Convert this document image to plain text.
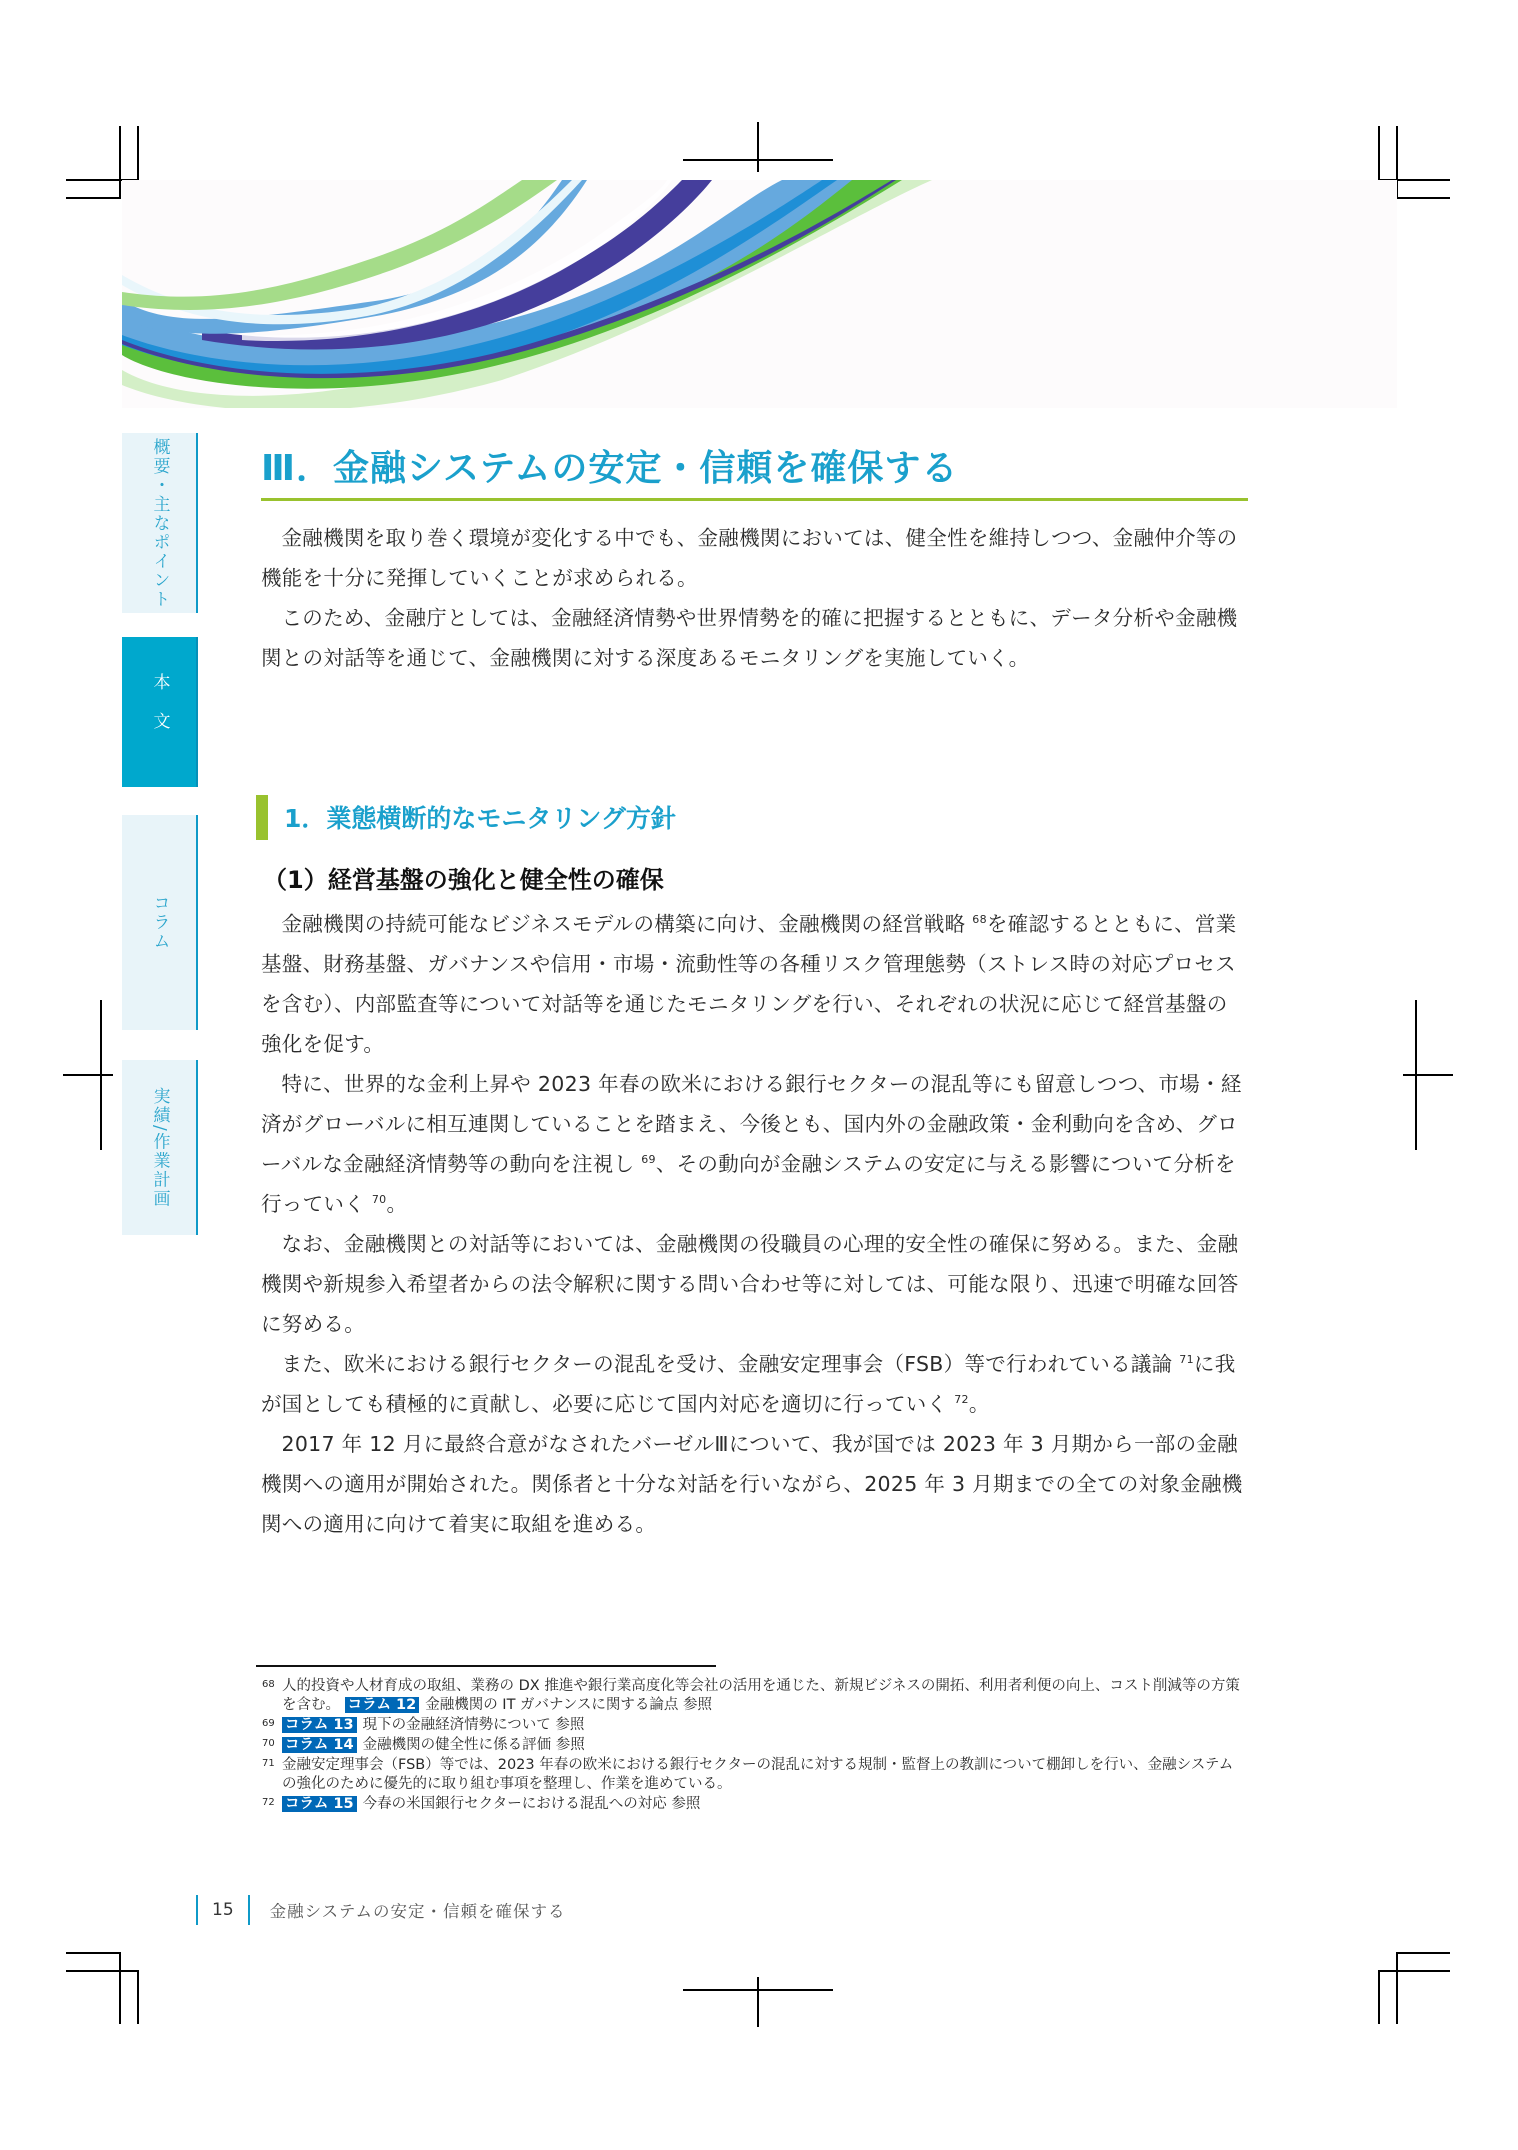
概要・主なポイント
本文
コラム
実績/作業計画
Ⅲ．金融システムの安定・信頼を確保する

金融機関を取り巻く環境が変化する中でも、金融機関においては、健全性を維持しつつ、金融仲介等の機能を十分に発揮していくことが求められる。

このため、金融庁としては、金融経済情勢や世界情勢を的確に把握するとともに、データ分析や金融機関との対話等を通じて、金融機関に対する深度あるモニタリングを実施していく。

1．業態横断的なモニタリング方針
（1）経営基盤の強化と健全性の確保

金融機関の持続可能なビジネスモデルの構築に向け、金融機関の経営戦略 $^{68}$を確認するとともに、営業基盤、財務基盤、ガバナンスや信用・市場・流動性等の各種リスク管理態勢（ストレス時の対応プロセスを含む）、内部監査等について対話等を通じたモニタリングを行い、それぞれの状況に応じて経営基盤の強化を促す。

特に、世界的な金利上昇や 2023 年春の欧米における銀行セクターの混乱等にも留意しつつ、市場・経済がグローバルに相互連関していることを踏まえ、今後とも、国内外の金融政策・金利動向を含め、グローバルな金融経済情勢等の動向を注視し $^{69}$、その動向が金融システムの安定に与える影響について分析を行っていく $^{70}$。

なお、金融機関との対話等においては、金融機関の役職員の心理的安全性の確保に努める。また、金融機関や新規参入希望者からの法令解釈に関する問い合わせ等に対しては、可能な限り、迅速で明確な回答に努める。

また、欧米における銀行セクターの混乱を受け、金融安定理事会（FSB）等で行われている議論 $^{71}$に我が国としても積極的に貢献し、必要に応じて国内対応を適切に行っていく $^{72}$。

2017 年 12 月に最終合意がなされたバーゼルⅢについて、我が国では 2023 年 3 月期から一部の金融機関への適用が開始された。関係者と十分な対話を行いながら、2025 年 3 月期までの全ての対象金融機関への適用に向けて着実に取組を進める。

68 人的投資や人材育成の取組、業務の DX 推進や銀行業高度化等会社の活用を通じた、新規ビジネスの開拓、利用者利便の向上、コスト削減等の方策を含む。 コラム 12 金融機関の IT ガバナンスに関する論点 参照
69 コラム 13 現下の金融経済情勢について 参照
70 コラム 14 金融機関の健全性に係る評価 参照
71 金融安定理事会（FSB）等では、2023 年春の欧米における銀行セクターの混乱に対する規制・監督上の教訓について棚卸しを行い、金融システムの強化のために優先的に取り組む事項を整理し、作業を進めている。
72 コラム 15 今春の米国銀行セクターにおける混乱への対応 参照
15	金融システムの安定・信頼を確保する
